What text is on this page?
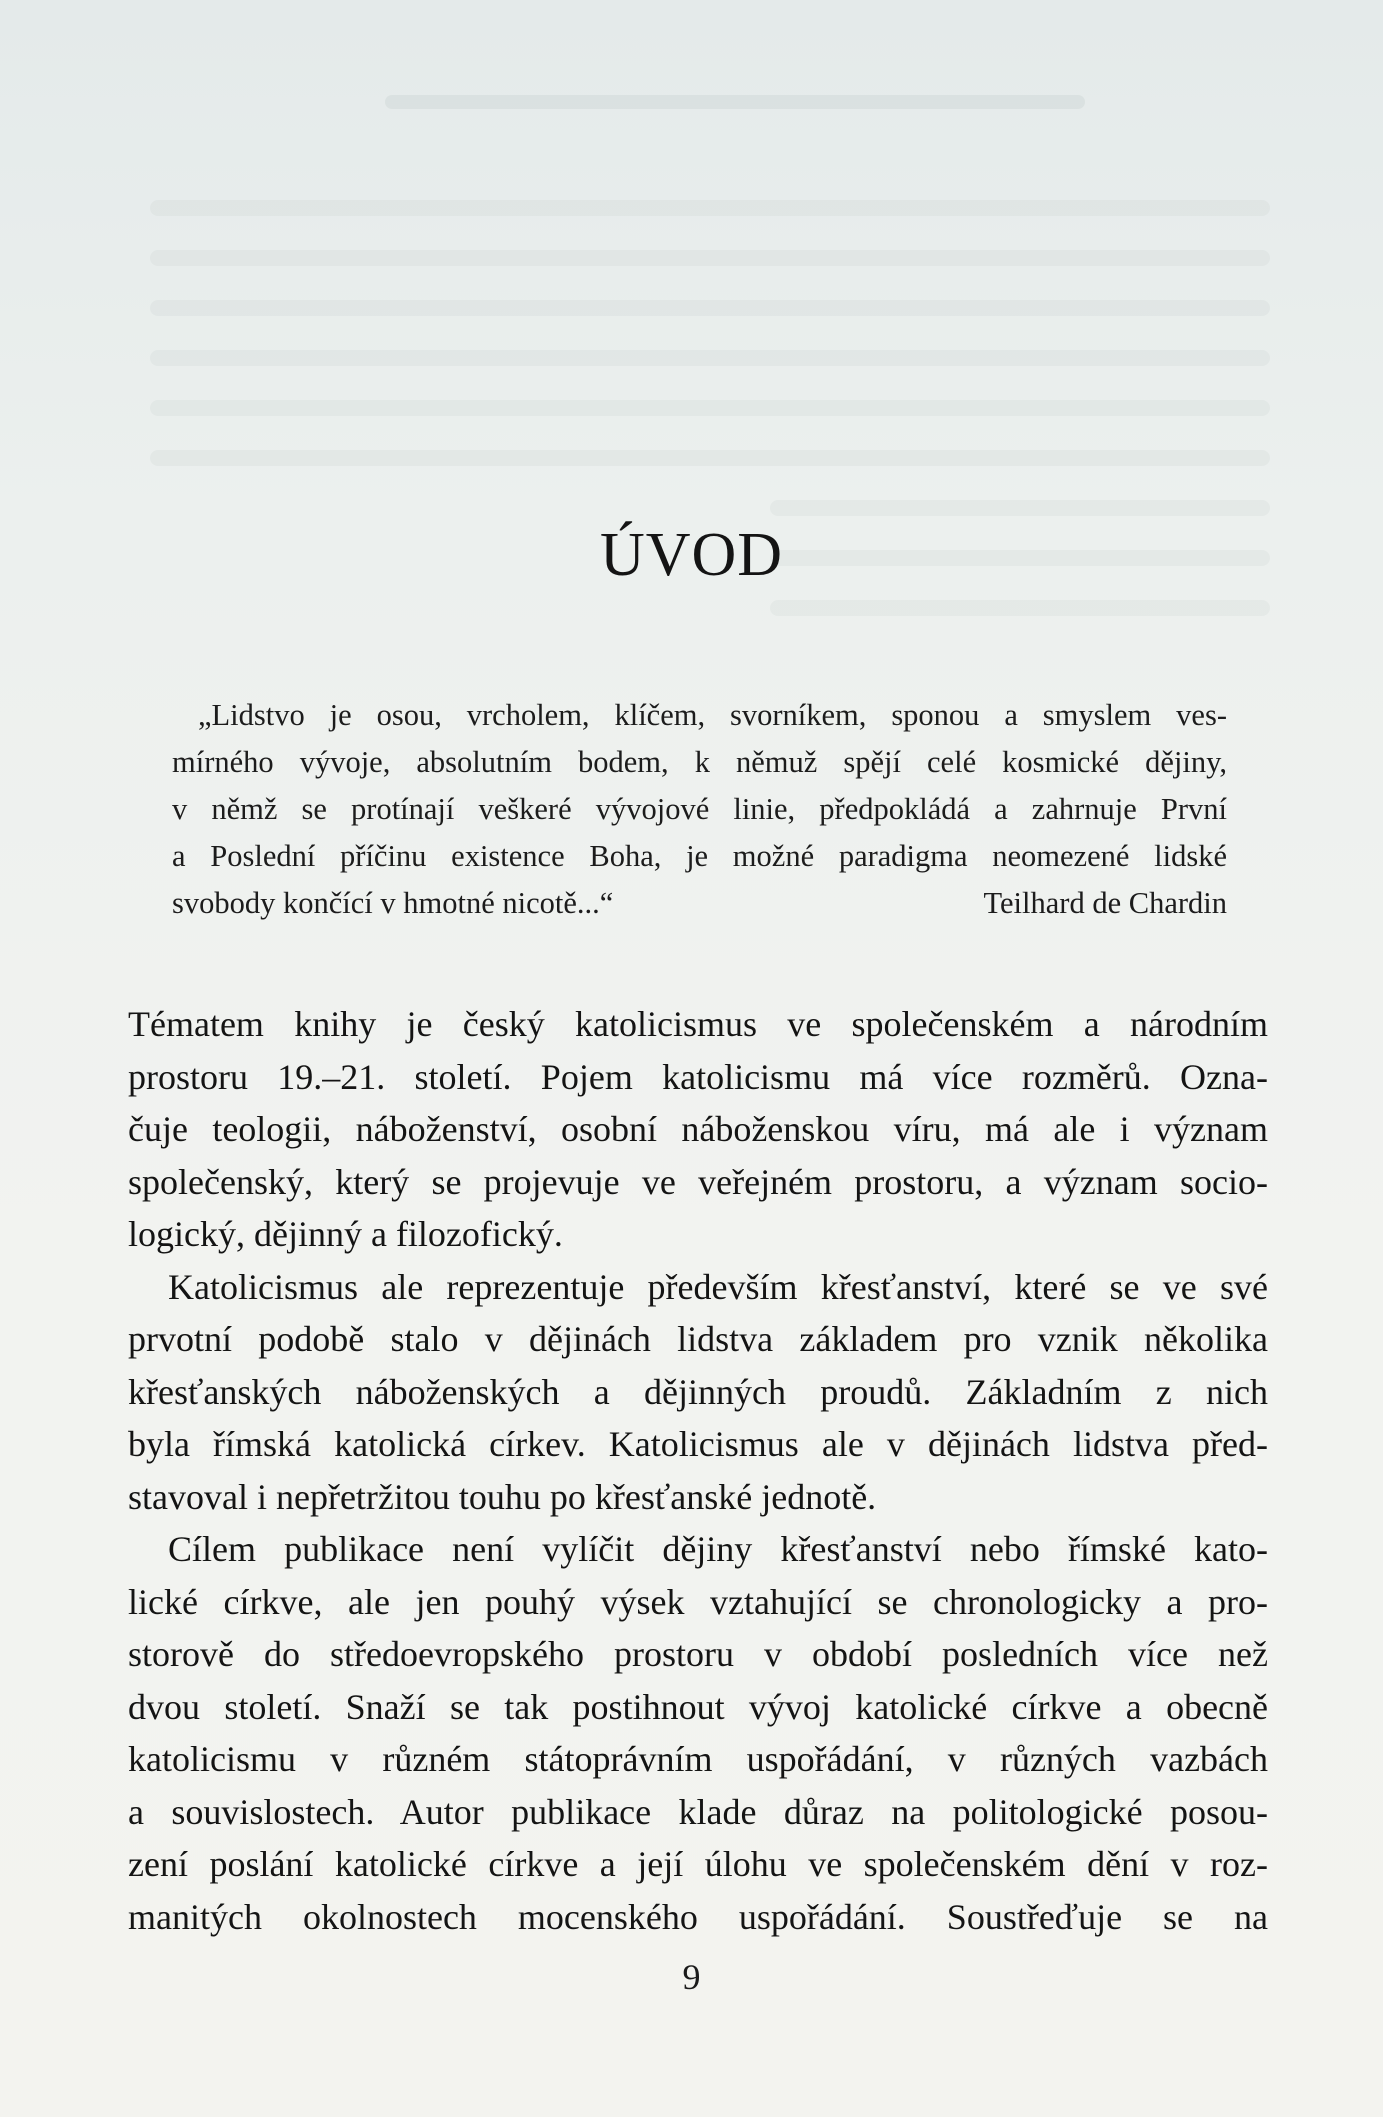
ÚVOD
„Lidstvo je osou, vrcholem, klíčem, svorníkem, sponou a smyslem ves-
mírného vývoje, absolutním bodem, k němuž spějí celé kosmické dějiny,
v němž se protínají veškeré vývojové linie, předpokládá a zahrnuje První
a Poslední příčinu existence Boha, je možné paradigma neomezené lidské
svobody končící v hmotné nicotě...“	Teilhard de Chardin
Tématem knihy je český katolicismus ve společenském a národním
prostoru 19.–21. století. Pojem katolicismu má více rozměrů. Ozna-
čuje teologii, náboženství, osobní náboženskou víru, má ale i význam
společenský, který se projevuje ve veřejném prostoru, a význam socio-
logický, dějinný a filozofický.
Katolicismus ale reprezentuje především křesťanství, které se ve své
prvotní podobě stalo v dějinách lidstva základem pro vznik několika
křesťanských náboženských a dějinných proudů. Základním z nich
byla římská katolická církev. Katolicismus ale v dějinách lidstva před-
stavoval i nepřetržitou touhu po křesťanské jednotě.
Cílem publikace není vylíčit dějiny křesťanství nebo římské kato-
lické církve, ale jen pouhý výsek vztahující se chronologicky a pro-
storově do středoevropského prostoru v období posledních více než
dvou století. Snaží se tak postihnout vývoj katolické církve a obecně
katolicismu v různém státoprávním uspořádání, v různých vazbách
a souvislostech. Autor publikace klade důraz na politologické posou-
zení poslání katolické církve a její úlohu ve společenském dění v roz-
manitých okolnostech mocenského uspořádání. Soustřeďuje se na
9
